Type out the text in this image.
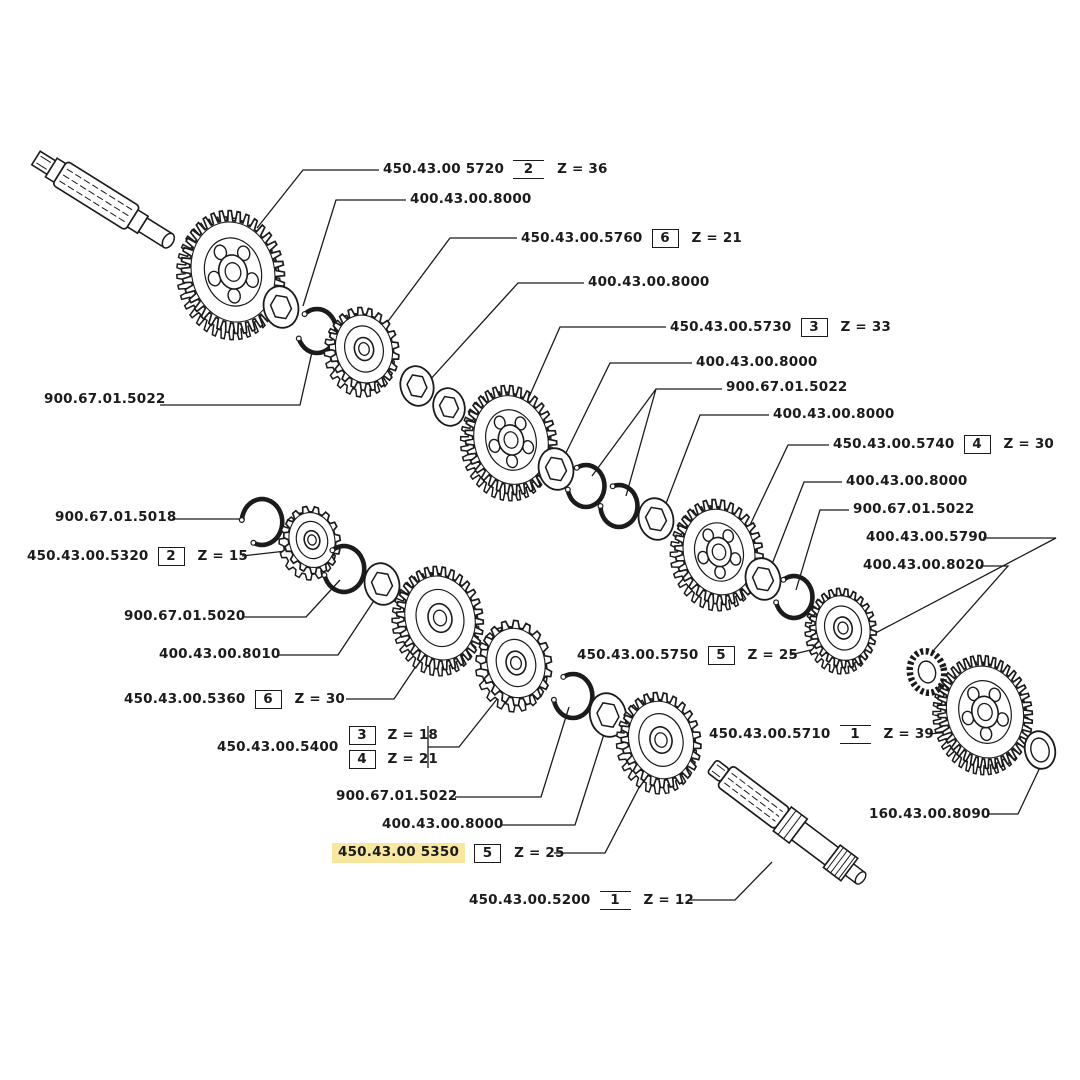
900.67.01.5022
450.43.00 5720	2	Z = 36
400.43.00.8000
450.43.00.5760	6	Z = 21
400.43.00.8000
450.43.00.5730	3	Z = 33
400.43.00.8000
900.67.01.5022
400.43.00.8000
450.43.00.5740	4	Z = 30
400.43.00.8000
900.67.01.5022
400.43.00.5790
400.43.00.8020
900.67.01.5018
450.43.00.5320	2	Z = 15
900.67.01.5020
400.43.00.8010
450.43.00.5360	6	Z = 30
450.43.00.5400
3	Z = 18
4	Z = 21
900.67.01.5022
400.43.00.8000
450.43.00 5350	5	Z = 25
450.43.00.5200	1	Z = 12
450.43.00.5750	5	Z = 25
450.43.00.5710	1	Z = 39
160.43.00.8090
